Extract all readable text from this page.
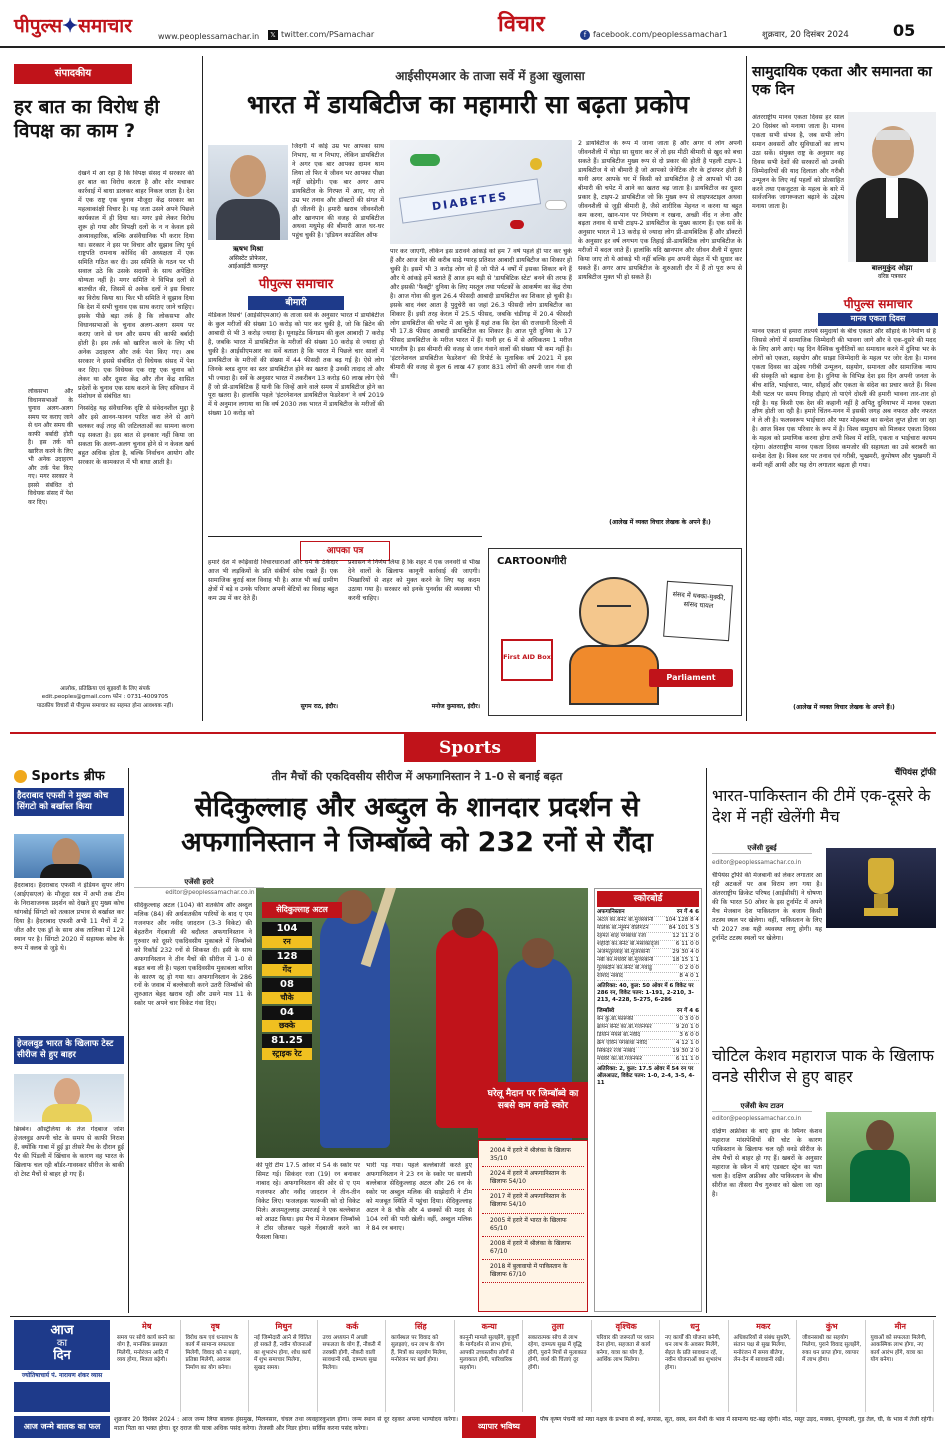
पीपुल्स✦समाचार	www.peoplessamachar.in	𝕏 twitter.com/PSamachar	विचार	f facebook.com/peoplessamachar1	शुक्रवार, 20 दिसंबर 2024	05
संपादकीय
हर बात का विरोध ही विपक्ष का काम ?

देखने में आ रहा है कि विपक्ष संसद में सरकार की हर बात का विरोध करता है और शोर मचाकर कार्रवाई में बाधा डालकर बाहर निकल जाता है। देश में एक राष्ट्र एक चुनाव मौजूदा केंद्र सरकार का महत्वाकांक्षी विचार है। यह जता उसने अपने पिछले कार्यकाल में ही दिया था। मगर इसे लेकर विरोध शुरू हो गया और विपक्षी दलों के न न केवल इसे अव्यावहारिक, बल्कि असंवैधानिक भी करार दिया था। सरकार ने इस पर विचार और सुझाव लिए पूर्व राष्ट्रपति रामनाथ कोविंद की अध्यक्षता में एक समिति गठित कर दी। उस समिति के गठन पर भी सवाल उठे कि उसके सदस्यों के साथ अपेक्षित योग्यता नहीं है। मगर समिति ने विभिन्न दलों से बातचीत की, जिसमें से अनेक दलों ने इस विचार का विरोध किया था। फिर भी समिति ने सुझाव दिया कि देश में सभी चुनाव एक साथ कराए जाने चाहिए। इसके पीछे बड़ा तर्क है कि लोकसभा और विधानसभाओं के चुनाव अलग-अलग समय पर कराए जाने से धन और समय की काफी बर्बादी होती है। इस तर्क को खारिज करने के लिए भी अनेक उदाहरण और तर्क पेश किए गए। अब सरकार ने इससे संबंधित दो विधेयक संसद में पेश कर दिए। एक विधेयक एक राष्ट्र एक चुनाव को लेकर था और दूसरा केंद्र और तीन केंद्र शासित प्रदेशों के चुनाव एक साथ कराने के लिए संविधान में संशोधन से संबंधित था।

निस्संदेह यह संवैधानिक दृष्टि से संवेदनशील मुद्दा है और इसे आनन-फानन पारित करा लेने से आगे चलकर कई तरह की जटिलताओं का सामना करना पड़ सकता है। इस बात से इनकार नहीं किया जा सकता कि अलग-अलग चुनाव होने से न केवल खर्च बहुत अधिक होता है, बल्कि निर्वाचन आयोग और सरकार के कामकाज में भी बाधा आती है।

लोकसभा और विधानसभाओं के चुनाव अलग-अलग समय पर कराए जाने से धन और समय की काफी बर्बादी होती है। इस तर्क को खारिज करने के लिए भी अनेक उदाहरण और तर्क पेश किए गए। मगर सरकार ने इससे संबंधित दो विधेयक संसद में पेश कर दिए।
आलोक, प्रतिक्रिया एवं सुझावों के लिए संपर्क
edit.peoples@gmail.com फोन : 0731-4009705
पाठकीय विचारों से पीपुल्स समाचार का सहमत होना आवश्यक नहीं।
आईसीएमआर के ताजा सर्वे में हुआ खुलासा
भारत में डायबिटीज का महामारी सा बढ़ता प्रकोप
ऋषभ मिश्रा
असिस्टेंट प्रोफेसर,
आईआईटी कानपुर
जिंदगी में कोई उम्र भर आपका साथ निभाए, या न निभाए, लेकिन डायबिटीज ने अगर एक बार आपका दामन थाम लिया तो फिर ये जीवन भर आपका पीछा नहीं छोड़ेगी। एक बार अगर आप डायबिटीज के गिरफ्त में आए, गए तो उम्र भर तनाव और डॉक्टरों की संगत में ही जीतनी है। हमारी खराब जीवनशैली और खानपान की वजह से डायबिटीज अथवा मधुमेह की बीमारी आज घर-घर पहुंच चुकी है। 'इंडियन काउंसिल ऑफ
पीपुल्स समाचार
बीमारी
DIABETES
मेडिकल रिसर्च' (आईसीएमआर) के ताजा सर्वे के अनुसार भारत में डायबिटीज के कुल मरीजों की संख्या 10 करोड़ को पार कर चुकी है, जो कि ब्रिटेन की आबादी से भी 3 करोड़ ज्यादा है। यूनाइटेड किंगडम की कुल आबादी 7 करोड़ है, जबकि भारत में डायबिटीज के मरीजों की संख्या 10 करोड़ से ज्यादा हो चुकी है। आईसीएमआर का सर्वे बताता है कि भारत में पिछले चार सालों में डायबिटीज के मरीजों की संख्या में 44 फीसदी तक बढ़ गई है। ऐसे लोग जिनके ब्लड शुगर का स्तर डायबिटीज होने का खतरा है उनकी तादाद तो और भी ज्यादा है। सर्वे के अनुसार भारत में तकरीबन 13 करोड़ 60 लाख लोग ऐसे हैं जो प्री-डायबिटिक हैं यानी कि जिन्हें आने वाले समय में डायबिटीज होने का पूरा खतरा है। हालांकि पहले 'इंटरनेशनल डायबिटीज फेडरेशन' ने वर्ष 2019 में ये अनुमान लगाया था कि वर्ष 2030 तक भारत में डायबिटीज के मरीजों की संख्या 10 करोड़ को
पार कर जाएगी, लेकिन इस डरावने आंकड़े को हम 7 वर्ष पहले ही पार कर चुके हैं और आज देश की करीब साढ़े ग्यारह प्रतिशत आबादी डायबिटीज का शिकार हो चुकी है। इसमें भी 3 करोड़ लोग वो हैं जो पीते 4 वर्षों में इसका शिकार बने हैं और ये आंकड़े हमें बताते हैं आज हम बड़ी से 'डायबिटिक स्टेट' बनने की तरफ हैं और इसकी 'फैक्ट्री' दुनिया के लिए मस्तूल तथा पर्यटकों के आकर्षण का केंद्र रोया है। आज गोवा की कुल 26.4 फीसदी आबादी डायबिटीज का शिकार हो चुकी है। इसके बाद नंबर आता है पुदुचेरी का जहां 26.3 फीसदी लोग डायबिटीज का शिकार हैं। इसी तरह केरल में 25.5 फीसद, जबकि चंडीगढ़ में 20.4 फीसदी लोग डायबिटीज की चपेट में आ चुके हैं यहां तक कि देश की राजधानी दिल्ली में भी 17.8 फीसद आबादी डायबिटीज का शिकार है। आज पूरी दुनिया के 17 फीसद डायबिटीज के मरीज भारत में हैं। यानी हर 6 में से अधिकतम 1 मरीज भारतीय है। इस बीमारी की वजह से जान गंवाने वालों की संख्या भी कम नहीं है। 'इंटरनेशनल डायबिटीज फेडरेशन' की रिपोर्ट के मुताबिक वर्ष 2021 में इस बीमारी की वजह से कुल 6 लाख 47 हजार 831 लोगों की अपनी जान गंवा दी थी।
2 डायबिटीज के रूप में जाना जाता है और अगर ये लोग अपनी जीवनशैली में थोड़ा सा सुधार कर लें तो इस मीठी बीमारी से खुद को बचा सकते हैं। डायबिटीज मुख्य रूप से दो प्रकार की होती है पहली टाइप-1 डायबिटीज ये वो बीमारी है जो आपको जेनेटिक तौर के ट्रांसफर होती है यानी अगर आपके घर में किसी को डायबिटीज है तो आपको भी उस बीमारी की चपेट में आने का खतरा बढ़ जाता है। डायबिटीज का दूसरा प्रकार है, टाइप-2 डायबिटीज जो कि मुख्य रूप से लाइफस्टाइल अथवा जीवनशैली से जुड़ी बीमारी है, जैसे शारीरिक मेहनत न करना या बहुत कम करना, खान-पान पर नियंत्रण न रखना, अच्छी नींद न लेना और बढ़ता तनाव ये सभी टाइप-2 डायबिटीज के मुख्य कारण हैं। एक सर्वे के अनुसार भारत में 13 करोड़ से ज्यादा लोग प्री-डायबिटिक हैं और डॉक्टरों के अनुसार हर वर्ष लगभग एक तिहाई प्री-डायबिटिक लोग डायबिटीज के मरीजों में बदल जाते हैं। हालांकि यदि खानपान और जीवन शैली में सुधार किया जाए तो ये आंकड़े भी नहीं बल्कि हम अपनी सेहत में भी सुधार कर सकते हैं। अगर आप डायबिटीज के शुरुआती दौर में हैं तो पूरा रूप से डायबिटीज मुक्त भी हो सकते हैं।
(आलेख में व्यक्त विचार लेखक के अपने हैं।)
आपका पत्र
हमारे देश में रूढ़िवादी विचारधाराओं और धर्म के ठेकेदार आज भी लड़कियों के प्रति संकीर्ण सोच रखते हैं। एक सामाजिक बुराई बाल विवाह भी है। आज भी कई ग्रामीण क्षेत्रों में बड़े व उनके परिवार अपनी बेटियों का विवाह बहुत कम उम्र में कर देते हैं।
सुगम राठ, इंदौर।
प्रशासन ने निर्णय लिया है कि शहर में एक जनवरी से भीख देने वालों के खिलाफ कानूनी कार्रवाई की जाएगी। भिखारियों से शहर को मुक्त करने के लिए यह कदम उठाया गया है। सरकार को इनके पुनर्वास की व्यवस्था भी करनी चाहिए।
मनोज कुमावत, इंदौर।
CARTOONगीरी
First AID Box
संसद में धक्का-मुक्की, सांसद घायल
Parliament
सामुदायिक एकता और समानता का एक दिन
अंतरराष्ट्रीय मानव एकता दिवस हर साल 20 दिसंबर को मनाया जाता है। मानव एकता सभी संभव है, जब सभी लोग समान अवसरों और सुविधाओं का लाभ उठा सकें। संयुक्त राष्ट्र के अनुसार वह दिवस सभी देशों की सरकारों को उनकी जिम्मेदारियों की याद दिलाता और गरीबी उन्मूलन के लिए नई पहलों को प्रोत्साहित करने तथा एकजुटता के महत्व के बारे में सार्वजनिक जागरूकता बढ़ाने के उद्देश्य मनाया जाता है।
बालमुकुंद ओझा
वरिष्ठ पत्रकार
पीपुल्स समाचार
मानव एकता दिवस
मानव एकता से हमारा तात्पर्य समुदायों के बीच एकता और सौहार्द के निर्माण से है जिससे लोगों में सामाजिक जिम्मेदारी की भावना जागे और वे एक-दूसरे की मदद के लिए आगे आएं। यह दिन वैश्विक चुनौतियों का समाधान करने में दुनिया भर के लोगों को एकता, सहयोग और साझा जिम्मेदारी के महत्व पर जोर देता है। मानव एकता दिवस का उद्देश्य गरीबी उन्मूलन, सहयोग, समानता और सामाजिक न्याय की संस्कृति को बढ़ावा देना है। दुनिया के विभिन्न देश इस दिन अपनी जनता के बीच शांति, भाईचारा, प्यार, सौहार्द और एकता के संदेश का प्रचार करते हैं। विश्व मैत्री पटल पर समय निगाह दौड़ाएं तो पाएंगे दोस्ती की हमारी भावना तार-तार हो रही है। यह किसी एक देश की कहानी नहीं है अपितु दुनियाभर में मानव एकता क्षीण होती जा रही है। हमारे चिंतन-मनन में इसकी जगह अब नफरत और नफरत ने ले ली है। फलस्वरूप भाईचारा और प्यार मोहब्बत का सन्देश लुप्त होता जा रहा है। आज विश्व एक परिवार के रूप में है। विश्व समुदाय को मिलकर एकता दिवस के महत्व को प्रमाणिक करना होगा तभी विश्व में शांति, एकता व भाईचारा कायम रहेगा। अंतरराष्ट्रीय मानव एकता दिवस कमजोर की सहायता का उसे बराबरी का सन्देश देता है। विश्व स्तर पर तनाव एवं गरीबी, भुखमरी, कुपोषण और भुखमरी में कमी नहीं आयी और यह रोग लगातार बढ़ता ही गया।
(आलेख में व्यक्त विचार लेखक के अपने हैं।)
Sports
Sports ब्रीफ
हैदराबाद एफसी ने मुख्य कोच सिंगटो को बर्खास्त किया
हैदराबाद। हैदराबाद एफसी ने इंडियन सुपर लीग (आईएसएल) के मौजूदा सत्र में अभी तक टीम के निराशाजनक प्रदर्शन को देखते हुए मुख्य कोच थांगबोई सिंगटो को तत्काल प्रभाव से बर्खास्त कर दिया है। हैदराबाद एफसी अभी 11 मैचों में 2 जीत और एक ड्रॉ के साथ अंक तालिका में 12वें स्थान पर है। सिंगटो 2020 में सहायक कोच के रूप में क्लब से जुड़े थे।
हेजलवुड भारत के खिलाफ टेस्ट सीरीज से हुए बाहर
ब्रिस्बेन। ऑस्ट्रेलिया के तेज गेंदबाज जोश हेजलवुड अपनी चोट के समय से काफी निराश हैं, क्योंकि गाबा में हुई ड्रा तीसरे मैच के दौरान हुई पैर की पिंडली में खिंचाव के कारण वह भारत के खिलाफ चल रही बॉर्डर-गावस्कर सीरीज के बाकी दो टेस्ट मैचों से बाहर हो गए हैं।
तीन मैचों की एकदिवसीय सीरीज में अफगानिस्तान ने 1-0 से बनाई बढ़त
सेदिकुल्लाह और अब्दुल के शानदार प्रदर्शन से
अफगानिस्तान ने जिम्बॉब्वे को 232 रनों से रौंदा
एजेंसी हरारे
editor@peoplessamachar.co.in
सेदिकुल्लाह अटल (104) की शतकीय और अब्दुल मलिक (84) की अर्धशतकीय पारियों के बाद ए एम गजनफर और नवीद जादरान (3-3 विकेट) की बेहतरीन गेंदबाजी की बदौलत अफगानिस्तान ने गुरुवार को दूसरे एकदिवसीय मुकाबले में जिम्बॉब्वे को रिकॉर्ड 232 रनों से शिकस्त दी। इसी के साथ अफगानिस्तान ने तीन मैचों की सीरीज में 1-0 से बढ़त बना ली है। पहला एकदिवसीय मुकाबला बारिश के कारण रद्द हो गया था। अफगानिस्तान के 286 रनों के जवाब में बल्लेबाजी करने उतरी जिम्बॉब्वे की शुरुआत बेहद खराब रही और उसने मात्र 11 के स्कोर पर अपने चार विकेट गंवा दिए।
सेदिकुल्लाह अटल
104
रन
128
गेंद
08
चौके
04
छक्के
81.25
स्ट्राइक रेट
घरेलू मैदान पर जिम्बॉब्वे का सबसे कम वनडे स्कोर
2004 में हरारे में श्रीलंका के खिलाफ 35/10
2024 में हरारे में अफगानिस्तान के खिलाफ 54/10
2017 में हरारे में अफगानिस्तान के खिलाफ 54/10
2005 में हरारे में भारत के खिलाफ 65/10
2008 में हरारे में श्रीलंका के खिलाफ 67/10
2018 में बुलावायो में पाकिस्तान के खिलाफ 67/10
की पूरी टीम 17.5 ओवर में 54 के स्कोर पर सिमट गई। सिकंदर रजा (19) रन बनाकर नाबाद रहे। अफगानिस्तान की ओर से ए एम गजनफर और नवीद जादरान ने तीन-तीन विकेट लिए। फजलहक फारूकी को दो विकेट मिले। अजमतुल्लाह उमरजई ने एक बल्लेबाज को आउट किया। इस मैच में मेजबान जिम्बॉब्वे ने टॉस जीतकर पहले गेंदबाजी करने का फैसला किया।
भारी पड़ गया। पहले बल्लेबाजी करते हुए अफगानिस्तान ने 23 रन के स्कोर पर सलामी बल्लेबाज सेदिकुल्लाह अटल और 26 रन के स्कोर पर अब्दुल मलिक की साझेदारी ने टीम को मजबूत स्थिति में पहुंचा दिया। सेदिकुल्लाह अटल ने 8 चौके और 4 छक्कों की मदद से 104 रनों की पारी खेली। वहीं, अब्दुल मलिक ने 84 रन बनाए।
स्कोरबोर्ड
अफगानिस्तान	रन गें 4 6
अटल का.बेनेट बो.मुजरबानी 104 128 8 4
मलिक बो.न्यूमेन वेलिंगटन	84 101 5 3
रहमत शाह पगबाधा रजा	12 11 2 0
शहीदी का.बेनेट बो.मसाकाद्जा	6 11 0 0
अजमतुल्लाह बो.मुजरबानी	29 30 4 0
नबी का.मधेवेरे बो.मुजरबानी	18 15 1 1
गुलबदीन का.बेनेट बो.गवांडु	0 2 0 0
राशिद नाबाद	8 4 0 1
अतिरिक्त: 40, कुल: 50 ओवर में 6 विकेट पर 286 रन, विकेट पतन: 1-191, 2-210, 3-213, 4-228, 5-275, 6-286
जिम्बॉब्वे	रन गें 4 6
बेन कु.बो.फारूकी	0 3 0 0
ब्रायन बेनेट का.बो.गजनफर	9 20 1 0
डियोन मेयर्स बो.नवीद	3 6 0 0
क्रेग एर्विन पगबाधा नवीद	4 12 1 0
सिकंदर रजा नाबाद	19 30 2 0
मधेवेरे का.बो.गजनफर	6 11 1 0
अतिरिक्त: 2, कुल: 17.5 ओवर में 54 रन पर ऑलआउट, विकेट पतन: 1-0, 2-4, 3-5, 4-11
चैंपियंस ट्रॉफी
भारत-पाकिस्तान की टीमें एक-दूसरे के देश में नहीं खेलेंगी मैच
एजेंसी दुबई
editor@peoplessamachar.co.in
चैंपियंस ट्रॉफी की मेजबानी को लेकर लगातार आ रही अटकलें पर अब विराम लग गया है। अंतरराष्ट्रीय क्रिकेट परिषद (आईसीसी) ने घोषणा की कि भारत 50 ओवर के इस टूर्नामेंट में अपने मैच मेजबान देश पाकिस्तान के बजाय किसी तटस्थ स्थल पर खेलेगा। वहीं, पाकिस्तान के लिए भी 2027 तक यही व्यवस्था लागू होगी। यह टूर्नामेंट टटस्थ स्थलों पर खेलेगा।
चोटिल केशव महाराज पाक के खिलाफ वनडे सीरीज से हुए बाहर
एजेंसी केप टाउन
editor@peoplessamachar.co.in
दक्षिण अफ्रीका के बाएं हाथ के स्पिनर केशव महाराज मांसपेशियों की चोट के कारण पाकिस्तान के खिलाफ चल रही वनडे सीरीज के शेष मैचों से बाहर हो गए हैं। खबरों के अनुसार महाराज के स्कैन में बाएं एडक्टर स्ट्रेन का पता चला है। दक्षिण अफ्रीका और पाकिस्तान के बीच सीरीज का तीसरा मैच गुरुवार को खेला जा रहा है।
आज
का
दिन
ज्योतिषाचार्य पं. नारायण शंकर व्यास
मेष
समय पर सोचे कार्य बनने का योग है, मानसिक प्रसन्नता मिलेगी, मनोरंजन आदि में व्यय होगा, मित्रता बढ़ेगी।
वृष
विरोध कम एवं धनलाभ के कार्य में सामान्य सफलता मिलेगी, विवाद को न बढ़ाएं, प्रतिष्ठा मिलेगी, आवास निर्माण का योग बनेगा।
मिथुन
नई जिम्मेदारी आने से चिंतित हो सकते हैं, नवीन योजनाओं का शुभारंभ होगा, शोध कार्य में शुभ समाचार मिलेगा, सुखद समय।
कर्क
उच्च अध्ययन में अच्छी सफलता के योग हैं, नौकरी में तरक्की होगी, नौकरी वाली सावधानी रखें, दाम्पत्य सुख मिलेगा।
सिंह
कार्यस्थल पर विवाद को सुलझाएं, धन लाभ के योग हैं, मित्रों का सहयोग मिलेगा, मनोरंजन पर खर्च होगा।
कन्या
कानूनी मामले सुलझेंगे, बुजुर्गों के मार्गदर्शन से लाभ होगा, आपकी उच्चस्तरीय लोगों से मुलाकात होगी, पारिवारिक सहयोग।
तुला
सकारात्मक सोच से लाभ रहेगा, दाम्पत्य सुख में वृद्धि होगी, पुराने मित्रों से मुलाकात होगी, व्यर्थ की चिंताएं दूर होंगी।
वृश्चिक
परिवार की जरूरतों पर ध्यान देना होगा, सहजता से कार्य बनेगा, यात्रा का योग है, आर्थिक लाभ मिलेगा।
धनु
नए कार्यों की योजना बनेगी, धन लाभ के अवसर मिलेंगे, सेहत के प्रति सावधान रहें, नवीन योजनाओं का शुभारंभ होगा।
मकर
अधिकारियों से संबंध सुधरेंगे, संतान पक्ष से सुख मिलेगा, मनोरंजन में समय बीतेगा, लेन-देन में सावधानी रखें।
कुंभ
जीवनसाथी का सहयोग मिलेगा, पुराने विवाद सुलझेंगे, रुका धन प्राप्त होगा, व्यापार में लाभ होगा।
मीन
युवाओं को सफलता मिलेगी, आकस्मिक लाभ होगा, नए कार्य आरंभ होंगे, यात्रा का योग बनेगा।
आज जन्मे बालक का फल
शुक्रवार 20 दिसंबर 2024 : आज जन्म लिया बालक हंसमुख, मिलनसार, चंचल तथा व्यवहारकुशल होगा। जन्म स्थान से दूर रहकर अपना भाग्योदय करेगा। माता पिता का भक्त होगा। दूर दराज की यात्रा अधिक पसंद करेगा। तेजस्वी और निडर होगा। सर्विस करना पसंद करेगा।	व्यापार भविष्य
पौष कृष्ण पंचमी को मघा नक्षत्र के प्रभाव से रूई, कपास, सूत, वस्त्र, सन मैथी के भाव में सामान्य घट-बढ़ रहेगी। मोठ, मसूर उड़द, मक्का, मूंगफली, गुड़ तेल, घी, के भाव में तेजी रहेगी।
